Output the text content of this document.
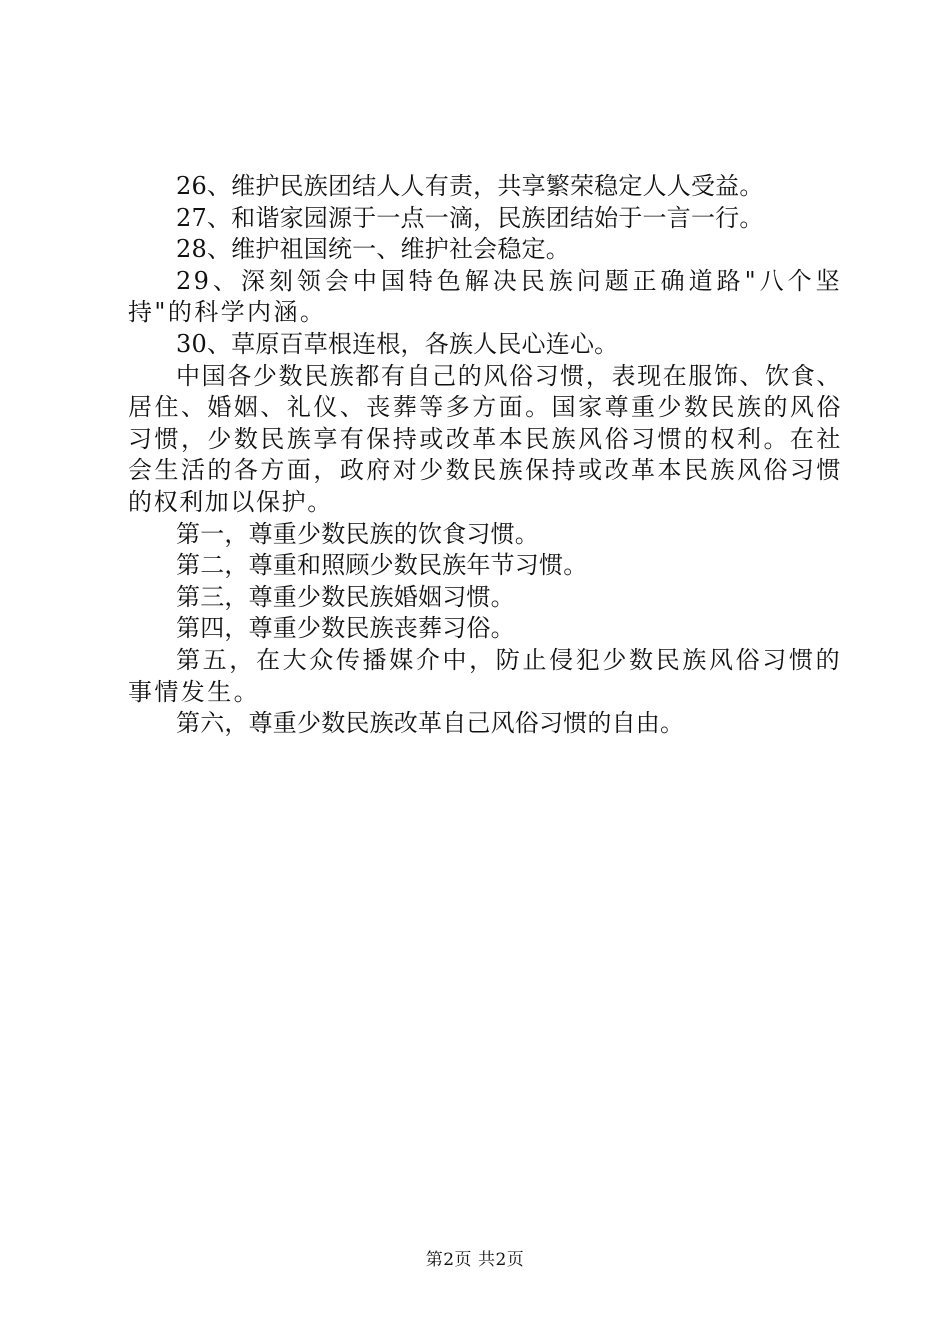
26、维护民族团结人人有责，共享繁荣稳定人人受益。

27、和谐家园源于一点一滴，民族团结始于一言一行。

28、维护祖国统一、维护社会稳定。

29、深刻领会中国特色解决民族问题正确道路"八个坚持"的科学内涵。

30、草原百草根连根，各族人民心连心。

中国各少数民族都有自己的风俗习惯，表现在服饰、饮食、居住、婚姻、礼仪、丧葬等多方面。国家尊重少数民族的风俗习惯，少数民族享有保持或改革本民族风俗习惯的权利。在社会生活的各方面，政府对少数民族保持或改革本民族风俗习惯的权利加以保护。

第一，尊重少数民族的饮食习惯。

第二，尊重和照顾少数民族年节习惯。

第三，尊重少数民族婚姻习惯。

第四，尊重少数民族丧葬习俗。

第五，在大众传播媒介中，防止侵犯少数民族风俗习惯的事情发生。

第六，尊重少数民族改革自己风俗习惯的自由。

第2页 共2页
